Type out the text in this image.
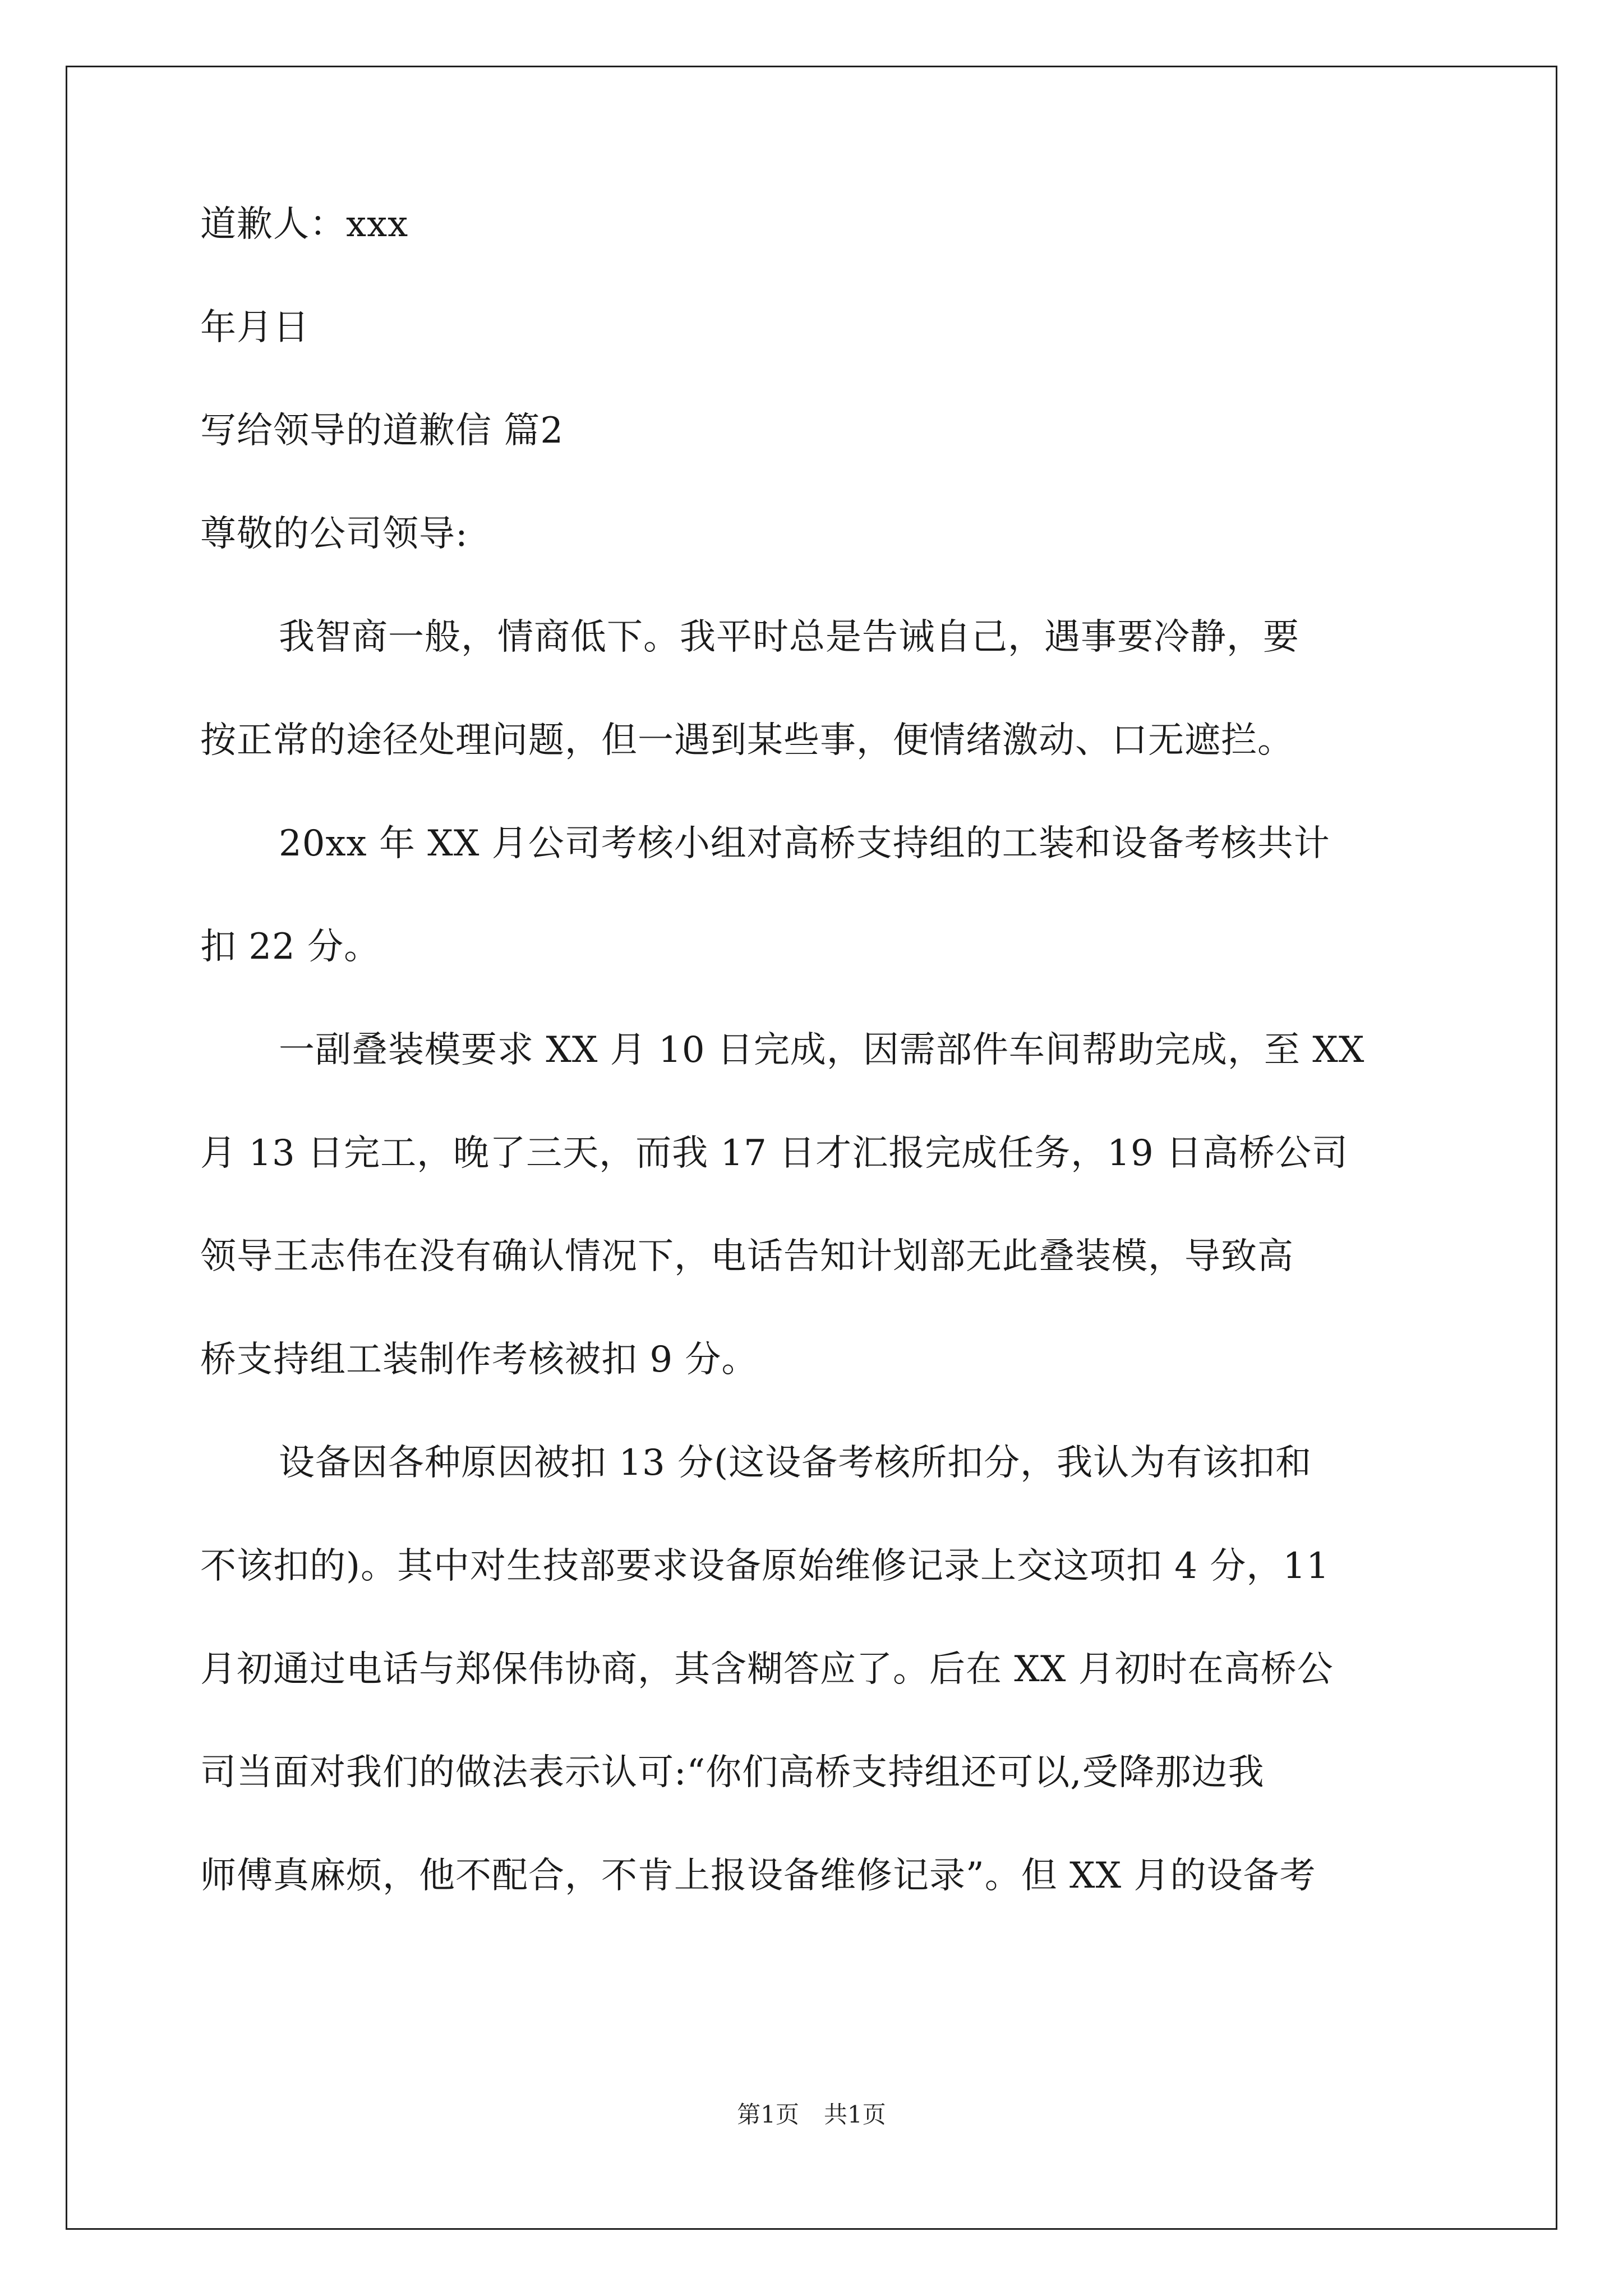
道歉人：xxx

年月日

写给领导的道歉信 篇2

尊敬的公司领导:

我智商一般，情商低下。我平时总是告诫自己，遇事要冷静，要
按正常的途径处理问题，但一遇到某些事，便情绪激动、口无遮拦。
20xx 年 XX 月公司考核小组对高桥支持组的工装和设备考核共计
扣 22 分。
一副叠装模要求 XX 月 10 日完成，因需部件车间帮助完成，至 XX
月 13 日完工，晚了三天，而我 17 日才汇报完成任务，19 日高桥公司
领导王志伟在没有确认情况下，电话告知计划部无此叠装模，导致高
桥支持组工装制作考核被扣 9 分。
设备因各种原因被扣 13 分(这设备考核所扣分，我认为有该扣和
不该扣的)。其中对生技部要求设备原始维修记录上交这项扣 4 分，11
月初通过电话与郑保伟协商，其含糊答应了。后在 XX 月初时在高桥公
司当面对我们的做法表示认可:“你们高桥支持组还可以,受降那边我
师傅真麻烦，他不配合，不肯上报设备维修记录”。但 XX 月的设备考
第1页 共1页
